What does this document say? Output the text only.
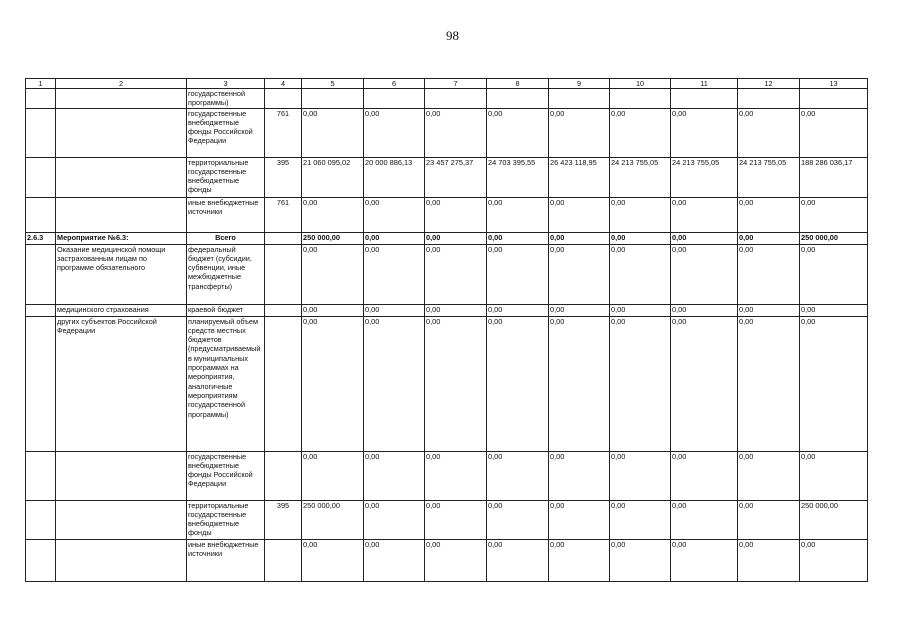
98
1	2	3	4	5	6	7	8	9	10	11	12	13
		государственной программы)										
		государственные внебюджетные фонды Российской Федерации	761	0,00	0,00	0,00	0,00	0,00	0,00	0,00	0,00	0,00
		территориальные государственные внебюджетные фонды	395	21 060 095,02	20 000 886,13	23 457 275,37	24 703 395,55	26 423 118,95	24 213 755,05	24 213 755,05	24 213 755,05	188 286 036,17
		иные внебюджетные источники	761	0,00	0,00	0,00	0,00	0,00	0,00	0,00	0,00	0,00
2.6.3	Мероприятие №6.3:	Всего		250 000,00	0,00	0,00	0,00	0,00	0,00	0,00	0,00	250 000,00
	Оказание медицинской помощи застрахованным лицам по программе обязательного	федеральный бюджет (субсидии, субвенции, иные межбюджетные трансферты)		0,00	0,00	0,00	0,00	0,00	0,00	0,00	0,00	0,00
	медицинского страхования	краевой бюджет		0,00	0,00	0,00	0,00	0,00	0,00	0,00	0,00	0,00
	других субъектов Российской Федерации	планируемый объем средств местных бюджетов (предусматриваемый в муниципальных программах на мероприятия, аналогичные мероприятиям государственной программы)		0,00	0,00	0,00	0,00	0,00	0,00	0,00	0,00	0,00
		государственные внебюджетные фонды Российской Федерации		0,00	0,00	0,00	0,00	0,00	0,00	0,00	0,00	0,00
		территориальные государственные внебюджетные фонды	395	250 000,00	0,00	0,00	0,00	0,00	0,00	0,00	0,00	250 000,00
		иные внебюджетные источники		0,00	0,00	0,00	0,00	0,00	0,00	0,00	0,00	0,00
